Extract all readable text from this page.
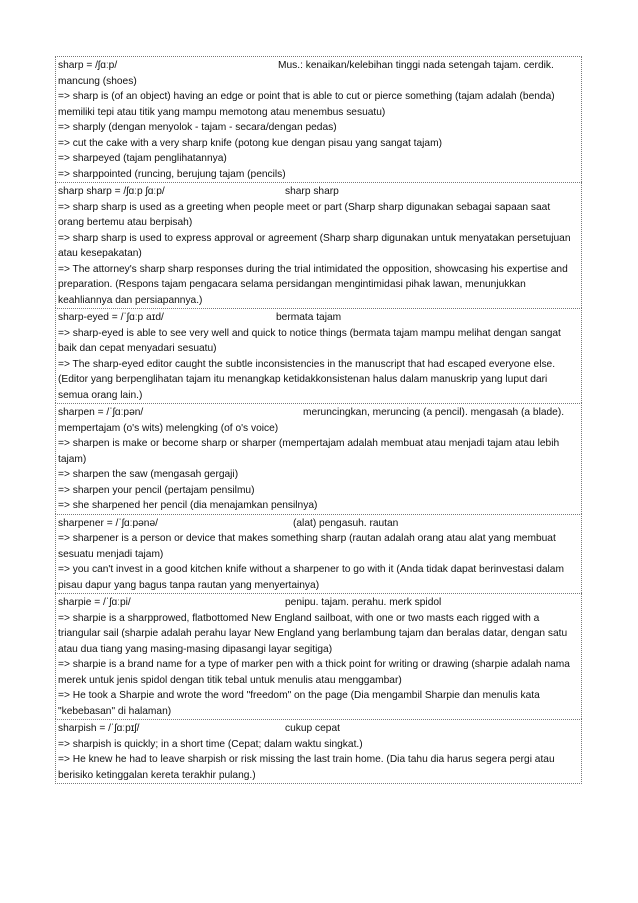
sharp = /ʃɑːp/	Mus.: kenaikan/kelebihan tinggi nada setengah tajam. cerdik.
mancung (shoes)
=> sharp is (of an object) having an edge or point that is able to cut or pierce something (tajam adalah (benda) memiliki tepi atau titik yang mampu memotong atau menembus sesuatu)
=> sharply (dengan menyolok - tajam - secara/dengan pedas)
=> cut the cake with a very sharp knife (potong kue dengan pisau yang sangat tajam)
=> sharpeyed (tajam penglihatannya)
=> sharppointed (runcing, berujung tajam (pencils)
sharp sharp = /ʃɑːp ʃɑːp/	sharp sharp
=> sharp sharp is used as a greeting when people meet or part (Sharp sharp digunakan sebagai sapaan saat orang bertemu atau berpisah)
=> sharp sharp is used to express approval or agreement (Sharp sharp digunakan untuk menyatakan persetujuan atau kesepakatan)
=> The attorney's sharp sharp responses during the trial intimidated the opposition, showcasing his expertise and preparation. (Respons tajam pengacara selama persidangan mengintimidasi pihak lawan, menunjukkan keahliannya dan persiapannya.)
sharp-eyed = /ˈʃɑːp aɪd/	bermata tajam
=> sharp-eyed is able to see very well and quick to notice things (bermata tajam mampu melihat dengan sangat baik dan cepat menyadari sesuatu)
=> The sharp-eyed editor caught the subtle inconsistencies in the manuscript that had escaped everyone else. (Editor yang berpenglihatan tajam itu menangkap ketidakkonsistenan halus dalam manuskrip yang luput dari semua orang lain.)
sharpen = /ˈʃɑːpən/	meruncingkan, meruncing (a pencil). mengasah (a blade).
mempertajam (o's wits) melengking (of o's voice)
=> sharpen is make or become sharp or sharper (mempertajam adalah membuat atau menjadi tajam atau lebih tajam)
=> sharpen the saw (mengasah gergaji)
=> sharpen your pencil (pertajam pensilmu)
=> she sharpened her pencil (dia menajamkan pensilnya)
sharpener = /ˈʃɑːpənə/	(alat) pengasuh. rautan
=> sharpener is a person or device that makes something sharp (rautan adalah orang atau alat yang membuat sesuatu menjadi tajam)
=> you can't invest in a good kitchen knife without a sharpener to go with it (Anda tidak dapat berinvestasi dalam pisau dapur yang bagus tanpa rautan yang menyertainya)
sharpie = /ˈʃɑːpi/	penipu. tajam. perahu. merk spidol
=> sharpie is a sharpprowed, flatbottomed New England sailboat, with one or two masts each rigged with a triangular sail (sharpie adalah perahu layar New England yang berlambung tajam dan beralas datar, dengan satu atau dua tiang yang masing-masing dipasangi layar segitiga)
=> sharpie is a brand name for a type of marker pen with a thick point for writing or drawing (sharpie adalah nama merek untuk jenis spidol dengan titik tebal untuk menulis atau menggambar)
=> He took a Sharpie and wrote the word "freedom" on the page (Dia mengambil Sharpie dan menulis kata "kebebasan" di halaman)
sharpish = /ˈʃɑːpɪʃ/	cukup cepat
=> sharpish is quickly; in a short time (Cepat; dalam waktu singkat.)
=> He knew he had to leave sharpish or risk missing the last train home. (Dia tahu dia harus segera pergi atau berisiko ketinggalan kereta terakhir pulang.)
